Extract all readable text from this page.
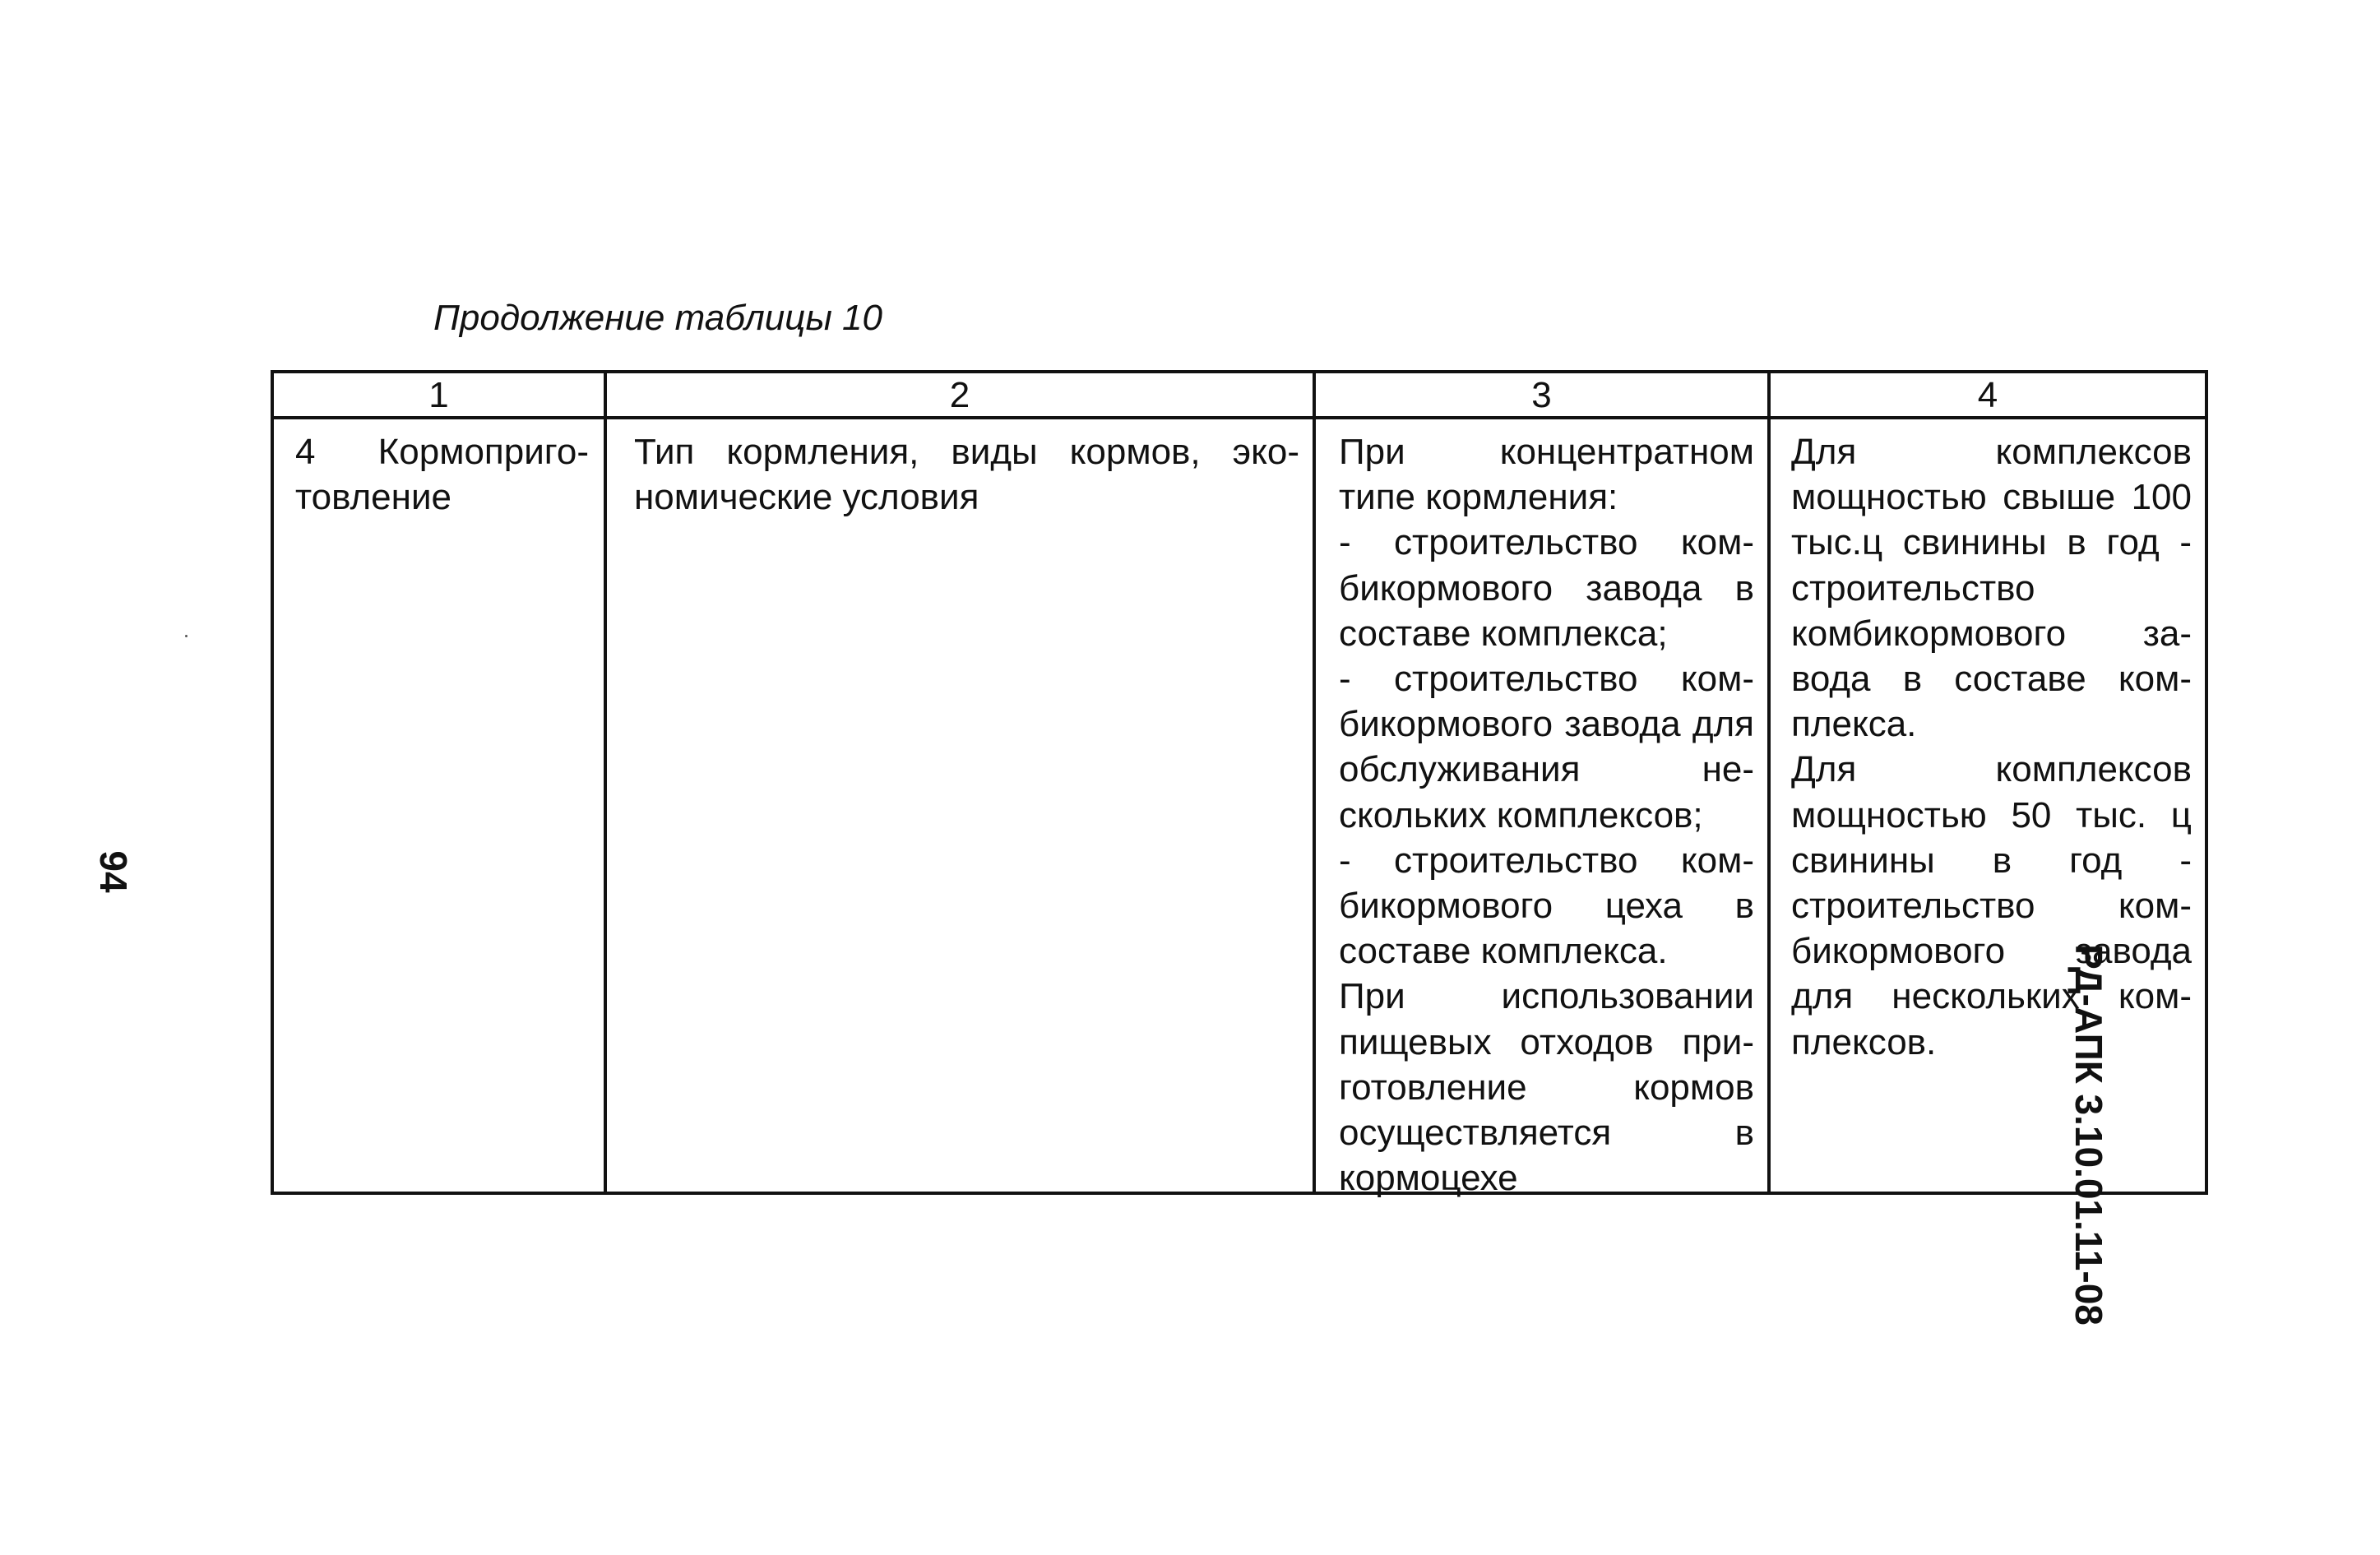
Продолжение таблицы 10
1

4 Кормоприготовление

2

Тип кормления, виды кормов, экономические условия

3

При концентратном типе кормления:

- строительство комбикормового завода в составе комплекса;

- строительство комбикормового завода для обслуживания нескольких комплексов;

- строительство комбикормового цеха в составе комплекса.

При использовании пищевых отходов приготовление кормов осуществляется в кормоцехе

4

Для комплексов мощностью свыше 100 тыс.ц свинины в год - строительство комбикормового завода в составе комплекса.

Для комплексов мощностью 50 тыс. ц свинины в год - строительство комбикормового завода для нескольких комплексов.

94
РД-АПК 3.10.01.11-08
